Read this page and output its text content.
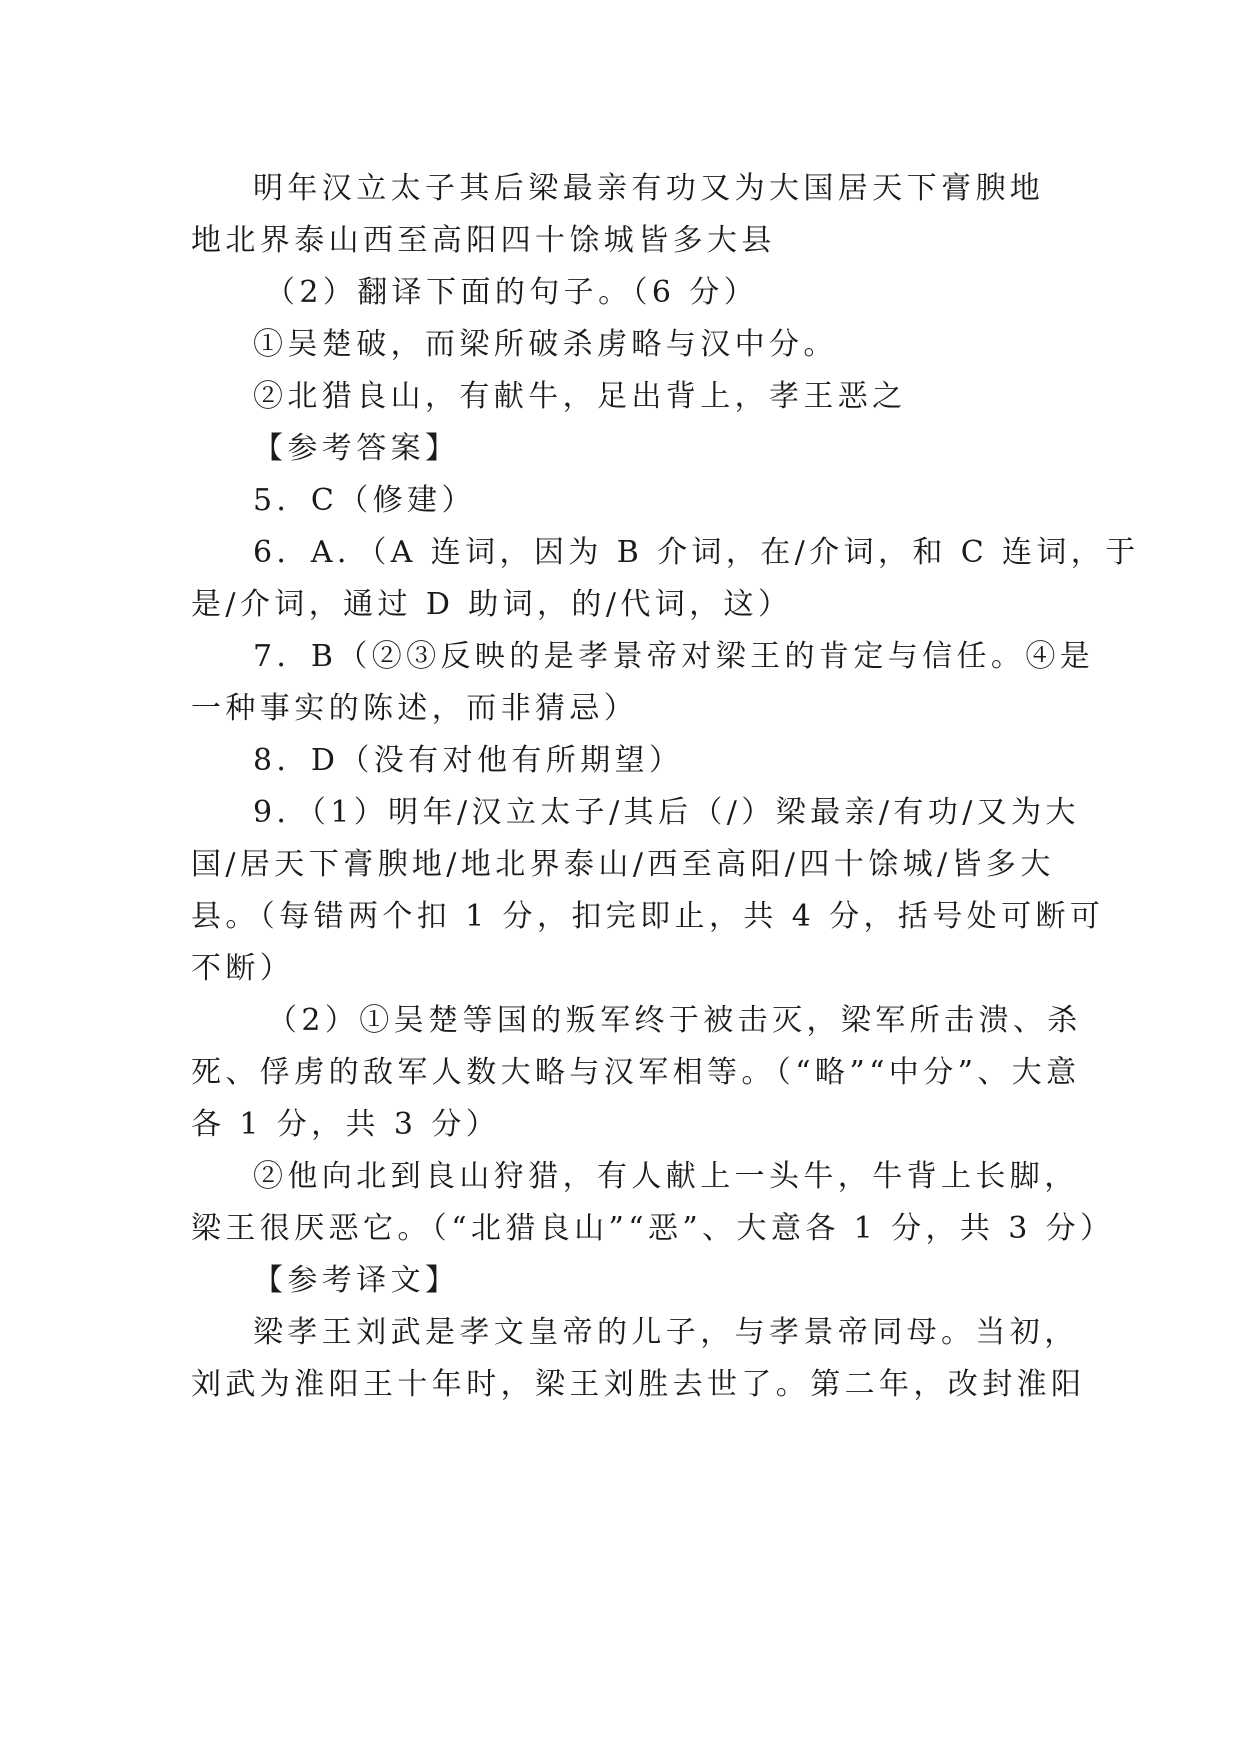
明年汉立太子其后梁最亲有功又为大国居天下膏腴地
地北界泰山西至高阳四十馀城皆多大县
（2）翻译下面的句子。（6 分）
①吴楚破，而梁所破杀虏略与汉中分。
②北猎良山，有献牛，足出背上，孝王恶之
【参考答案】
5．C（修建）
6．A．（A 连词，因为 B 介词，在/介词，和 C 连词，于
是/介词，通过 D 助词，的/代词，这）
7．B（②③反映的是孝景帝对梁王的肯定与信任。④是
一种事实的陈述，而非猜忌）
8．D（没有对他有所期望）
9．（1）明年/汉立太子/其后（/）梁最亲/有功/又为大
国/居天下膏腴地/地北界泰山/西至高阳/四十馀城/皆多大
县。（每错两个扣 1 分，扣完即止，共 4 分，括号处可断可
不断）
（2）①吴楚等国的叛军终于被击灭，梁军所击溃、杀
死、俘虏的敌军人数大略与汉军相等。（“略”“中分”、大意
各 1 分，共 3 分）
②他向北到良山狩猎，有人献上一头牛，牛背上长脚，
梁王很厌恶它。（“北猎良山”“恶”、大意各 1 分，共 3 分）
【参考译文】
梁孝王刘武是孝文皇帝的儿子，与孝景帝同母。当初，
刘武为淮阳王十年时，梁王刘胜去世了。第二年，改封淮阳
